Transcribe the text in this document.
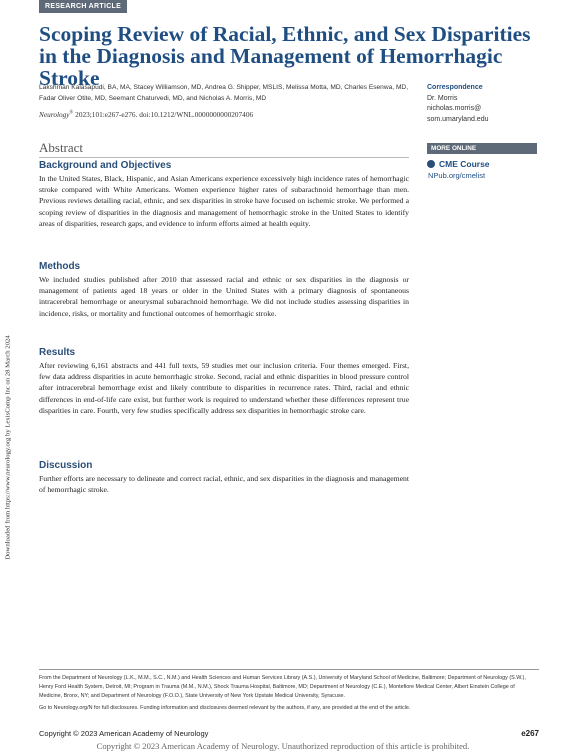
RESEARCH ARTICLE
Scoping Review of Racial, Ethnic, and Sex Disparities in the Diagnosis and Management of Hemorrhagic Stroke
Lakshman Kalasapudi, BA, MA, Stacey Williamson, MD, Andrea G. Shipper, MSLIS, Melissa Motta, MD, Charles Esenwa, MD, Fadar Oliver Otite, MD, Seemant Chaturvedi, MD, and Nicholas A. Morris, MD
Neurology® 2023;101:e267-e276. doi:10.1212/WNL.0000000000207406
Abstract
Background and Objectives

In the United States, Black, Hispanic, and Asian Americans experience excessively high incidence rates of hemorrhagic stroke compared with White Americans. Women experience higher rates of subarachnoid hemorrhage than men. Previous reviews detailing racial, ethnic, and sex disparities in stroke have focused on ischemic stroke. We performed a scoping review of disparities in the diagnosis and management of hemorrhagic stroke in the United States to identify areas of disparities, research gaps, and evidence to inform efforts aimed at health equity.

Methods

We included studies published after 2010 that assessed racial and ethnic or sex disparities in the diagnosis or management of patients aged 18 years or older in the United States with a primary diagnosis of spontaneous intracerebral hemorrhage or aneurysmal subarachnoid hemorrhage. We did not include studies assessing disparities in incidence, risks, or mortality and functional outcomes of hemorrhagic stroke.

Results

After reviewing 6,161 abstracts and 441 full texts, 59 studies met our inclusion criteria. Four themes emerged. First, few data address disparities in acute hemorrhagic stroke. Second, racial and ethnic disparities in blood pressure control after intracerebral hemorrhage exist and likely contribute to disparities in recurrence rates. Third, racial and ethnic differences in end-of-life care exist, but further work is required to understand whether these differences represent true disparities in care. Fourth, very few studies specifically address sex disparities in hemorrhagic stroke care.

Discussion

Further efforts are necessary to delineate and correct racial, ethnic, and sex disparities in the diagnosis and management of hemorrhagic stroke.

Correspondence
Dr. Morris
nicholas.morris@
som.umaryland.edu
MORE ONLINE
CME Course
NPub.org/cmelist
Downloaded from https://www.neurology.org by LexisComp Inc on 28 March 2024

From the Department of Neurology (L.K., M.M., S.C., N.M.) and Health Sciences and Human Services Library (A.S.), University of Maryland School of Medicine, Baltimore; Department of Neurology (S.W.), Henry Ford Health System, Detroit, MI; Program in Trauma (M.M., N.M.), Shock Trauma Hospital, Baltimore, MD; Department of Neurology (C.E.), Montefiore Medical Center, Albert Einstein College of Medicine, Bronx, NY; and Department of Neurology (F.O.O.), State University of New York Upstate Medical University, Syracuse.

Go to Neurology.org/N for full disclosures. Funding information and disclosures deemed relevant by the authors, if any, are provided at the end of the article.

Copyright © 2023 American Academy of Neurology	e267
Copyright © 2023 American Academy of Neurology. Unauthorized reproduction of this article is prohibited.
